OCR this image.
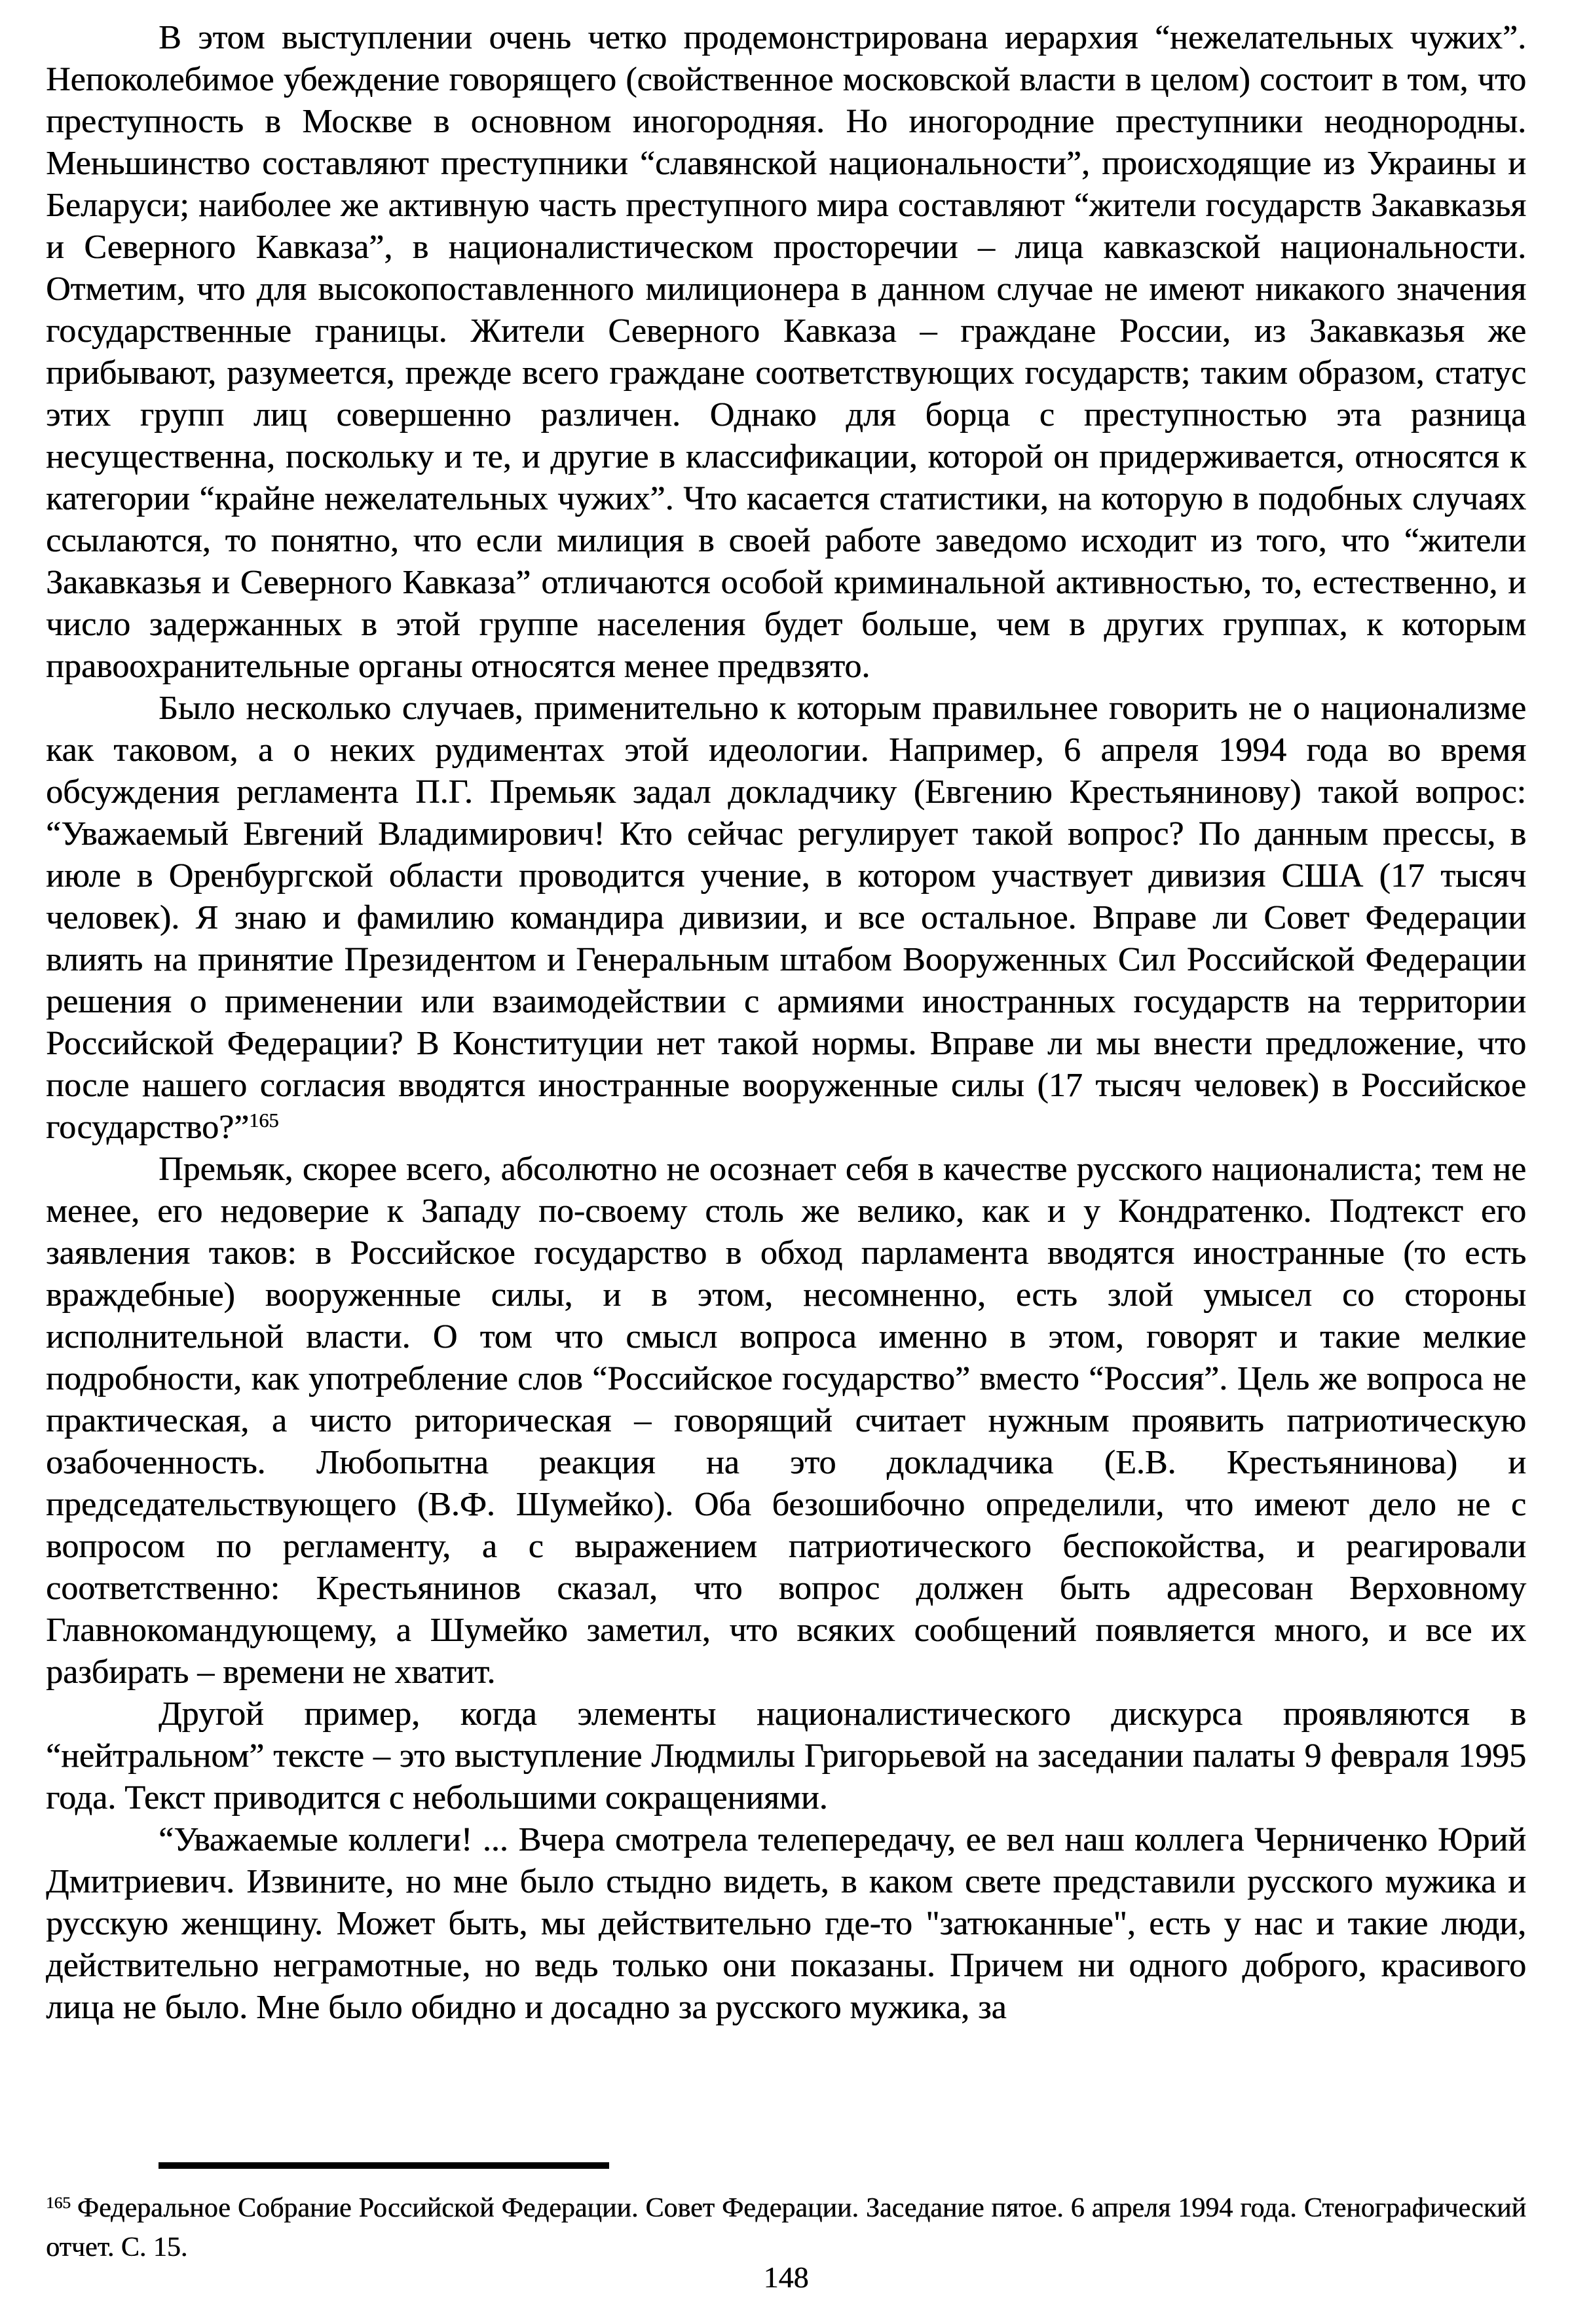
В этом выступлении очень четко продемонстрирована иерархия “нежелательных чужих”. Непоколебимое убеждение говорящего (свойственное московской власти в целом) состоит в том, что преступность в Москве в основном иногородняя. Но иногородние преступники неоднородны. Меньшинство составляют преступники “славянской национальности”, происходящие из Украины и Беларуси; наиболее же активную часть преступного мира составляют “жители государств Закавказья и Северного Кавказа”, в националистическом просторечии – лица кавказской национальности. Отметим, что для высокопоставленного милиционера в данном случае не имеют никакого значения государственные границы. Жители Северного Кавказа – граждане России, из Закавказья же прибывают, разумеется, прежде всего граждане соответствующих государств; таким образом, статус этих групп лиц совершенно различен. Однако для борца с преступностью эта разница несущественна, поскольку и те, и другие в классификации, которой он придерживается, относятся к категории “крайне нежелательных чужих”. Что касается статистики, на которую в подобных случаях ссылаются, то понятно, что если милиция в своей работе заведомо исходит из того, что “жители Закавказья и Северного Кавказа” отличаются особой криминальной активностью, то, естественно, и число задержанных в этой группе населения будет больше, чем в других группах, к которым правоохранительные органы относятся менее предвзято.

Было несколько случаев, применительно к которым правильнее говорить не о национализме как таковом, а о неких рудиментах этой идеологии. Например, 6 апреля 1994 года во время обсуждения регламента П.Г. Премьяк задал докладчику (Евгению Крестьянинову) такой вопрос: “Уважаемый Евгений Владимирович! Кто сейчас регулирует такой вопрос? По данным прессы, в июле в Оренбургской области проводится учение, в котором участвует дивизия США (17 тысяч человек). Я знаю и фамилию командира дивизии, и все остальное. Вправе ли Совет Федерации влиять на принятие Президентом и Генеральным штабом Вооруженных Сил Российской Федерации решения о применении или взаимодействии с армиями иностранных государств на территории Российской Федерации? В Конституции нет такой нормы. Вправе ли мы внести предложение, что после нашего согласия вводятся иностранные вооруженные силы (17 тысяч человек) в Российское государство?”$^{165}$

Премьяк, скорее всего, абсолютно не осознает себя в качестве русского националиста; тем не менее, его недоверие к Западу по-своему столь же велико, как и у Кондратенко. Подтекст его заявления таков: в Российское государство в обход парламента вводятся иностранные (то есть враждебные) вооруженные силы, и в этом, несомненно, есть злой умысел со стороны исполнительной власти. О том что смысл вопроса именно в этом, говорят и такие мелкие подробности, как употребление слов “Российское государство” вместо “Россия”. Цель же вопроса не практическая, а чисто риторическая – говорящий считает нужным проявить патриотическую озабоченность. Любопытна реакция на это докладчика (Е.В. Крестьянинова) и председательствующего (В.Ф. Шумейко). Оба безошибочно определили, что имеют дело не с вопросом по регламенту, а с выражением патриотического беспокойства, и реагировали соответственно: Крестьянинов сказал, что вопрос должен быть адресован Верховному Главнокомандующему, а Шумейко заметил, что всяких сообщений появляется много, и все их разбирать – времени не хватит.

Другой пример, когда элементы националистического дискурса проявляются в “нейтральном” тексте – это выступление Людмилы Григорьевой на заседании палаты 9 февраля 1995 года. Текст приводится с небольшими сокращениями.

“Уважаемые коллеги! ... Вчера смотрела телепередачу, ее вел наш коллега Черниченко Юрий Дмитриевич. Извините, но мне было стыдно видеть, в каком свете представили русского мужика и русскую женщину. Может быть, мы действительно где-то "затюканные", есть у нас и такие люди, действительно неграмотные, но ведь только они показаны. Причем ни одного доброго, красивого лица не было. Мне было обидно и досадно за русского мужика, за

$^{165}$ Федеральное Собрание Российской Федерации. Совет Федерации. Заседание пятое. 6 апреля 1994 года. Стенографический отчет. С. 15.

148
